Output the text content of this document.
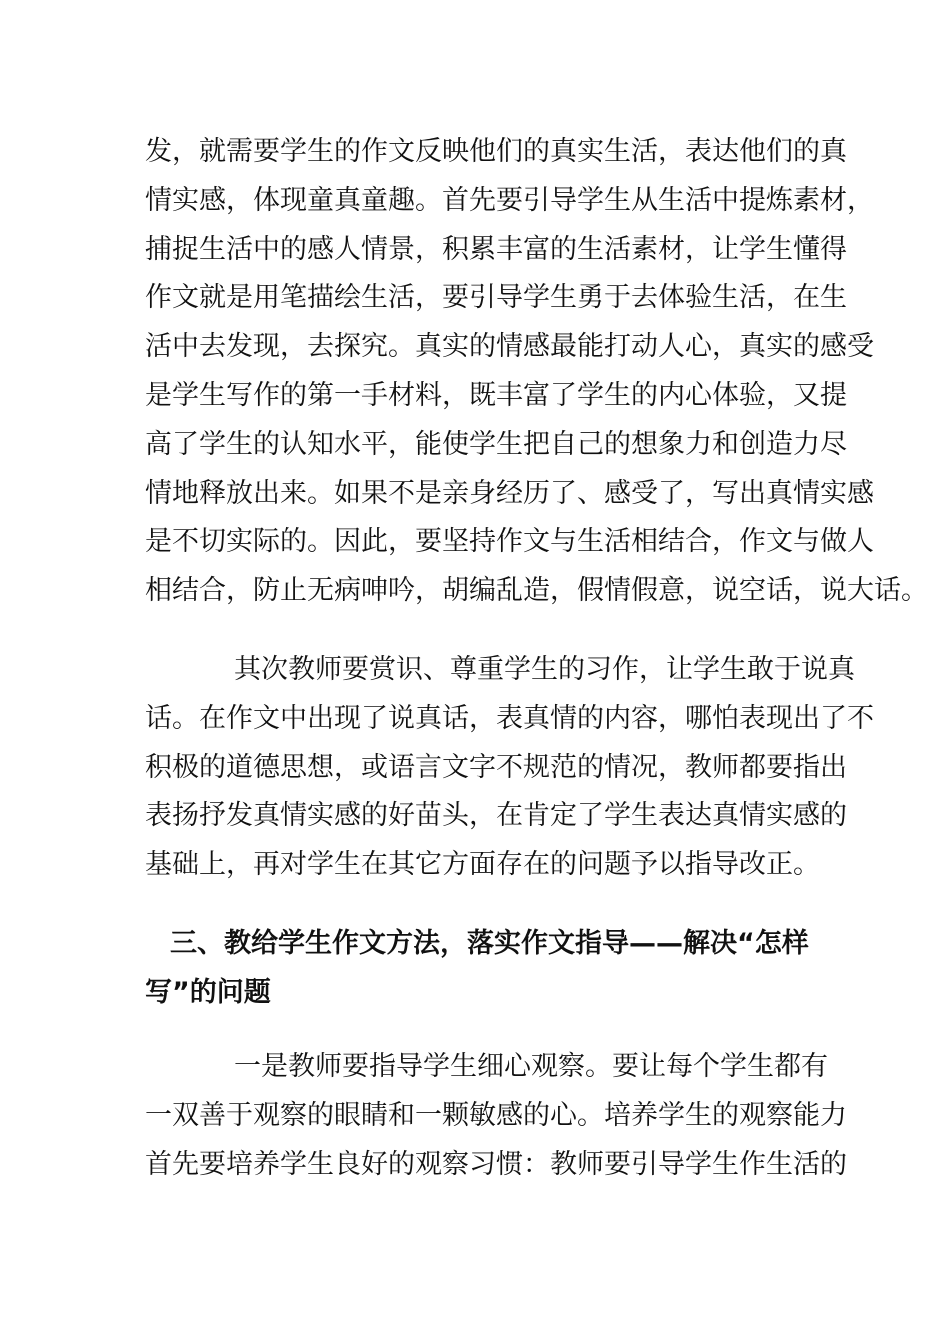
发，就需要学生的作文反映他们的真实生活，表达他们的真
情实感，体现童真童趣。首先要引导学生从生活中提炼素材，
捕捉生活中的感人情景，积累丰富的生活素材，让学生懂得
作文就是用笔描绘生活，要引导学生勇于去体验生活，在生
活中去发现，去探究。真实的情感最能打动人心，真实的感受
是学生写作的第一手材料，既丰富了学生的内心体验，又提
高了学生的认知水平，能使学生把自己的想象力和创造力尽
情地释放出来。如果不是亲身经历了、感受了，写出真情实感
是不切实际的。因此，要坚持作文与生活相结合，作文与做人
相结合，防止无病呻吟，胡编乱造，假情假意，说空话，说大话。
其次教师要赏识、尊重学生的习作，让学生敢于说真
话。在作文中出现了说真话，表真情的内容，哪怕表现出了不
积极的道德思想，或语言文字不规范的情况，教师都要指出
表扬抒发真情实感的好苗头，在肯定了学生表达真情实感的
基础上，再对学生在其它方面存在的问题予以指导改正。
三、教给学生作文方法，落实作文指导——解决“怎样
写”的问题
一是教师要指导学生细心观察。要让每个学生都有
一双善于观察的眼睛和一颗敏感的心。培养学生的观察能力
首先要培养学生良好的观察习惯：教师要引导学生作生活的
